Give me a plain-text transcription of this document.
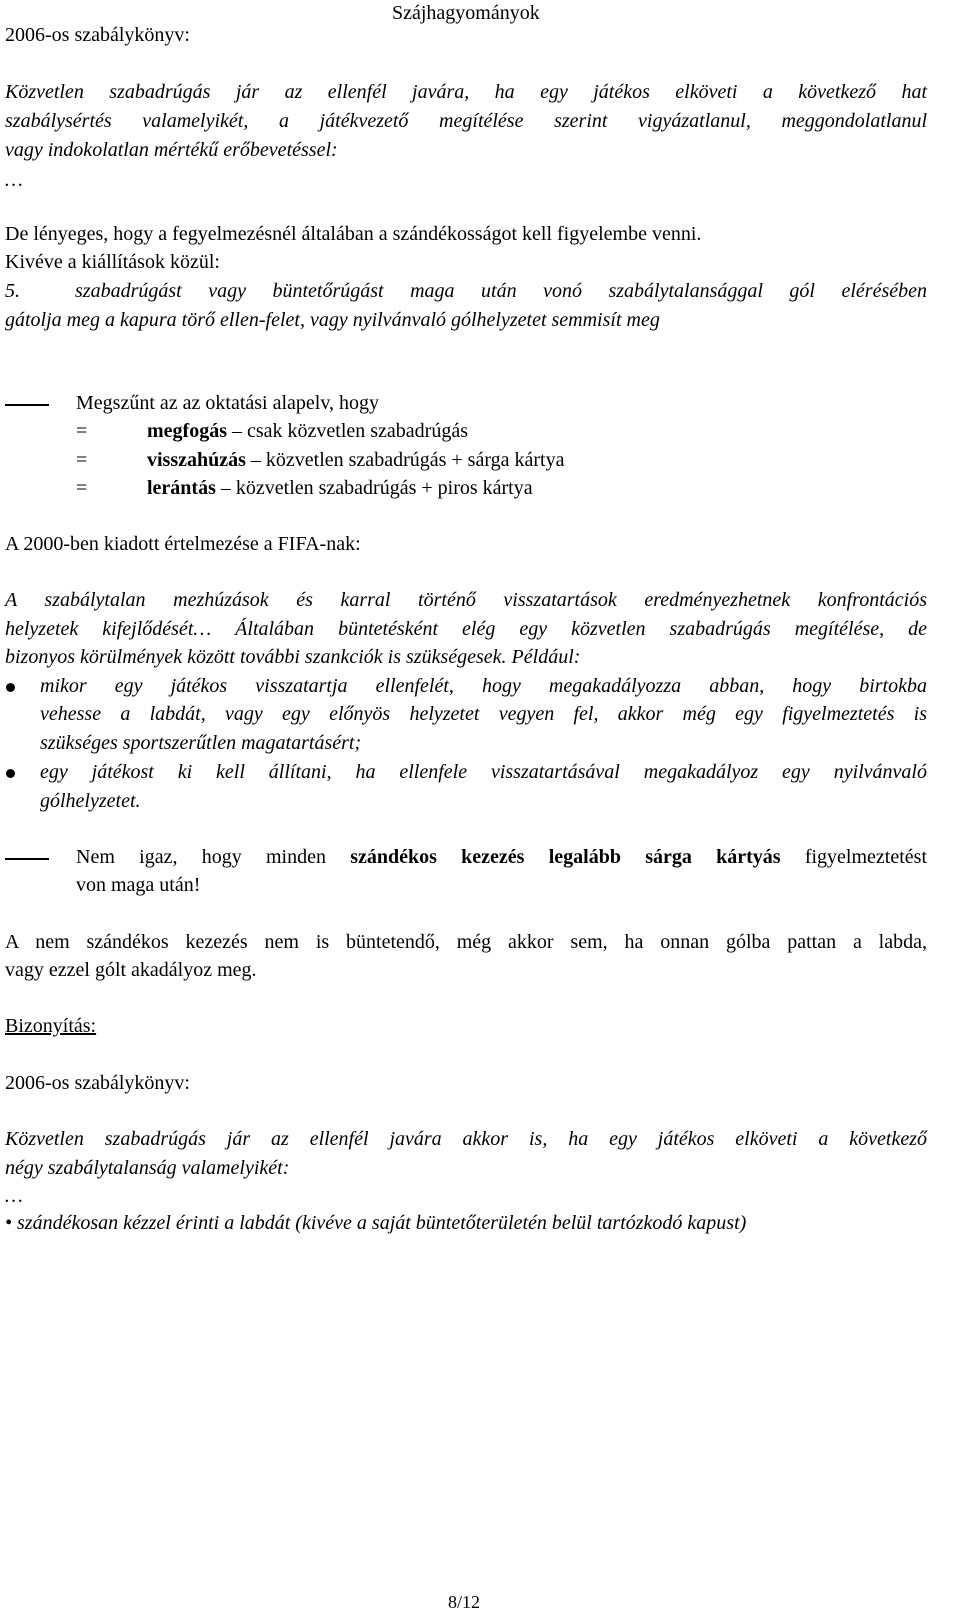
2006-os szabálykönyv:
Szájhagyományok
Közvetlen szabadrúgás jár az ellenfél javára, ha egy játékos elköveti a következő hat
szabálysértés valamelyikét, a játékvezető megítélése szerint vigyázatlanul, meggondolatlanul
vagy indokolatlan mértékű erőbevetéssel:
…
De lényeges, hogy a fegyelmezésnél általában a szándékosságot kell figyelembe venni.
Kivéve a kiállítások közül:
5.	szabadrúgást vagy büntetőrúgást maga után vonó szabálytalansággal gól elérésében
gátolja meg a kapura törő ellen-felet, vagy nyilvánvaló gólhelyzetet semmisít meg
Megszűnt az az oktatási alapelv, hogy
=	megfogás – csak közvetlen szabadrúgás
=	visszahúzás – közvetlen szabadrúgás + sárga kártya
=	lerántás – közvetlen szabadrúgás + piros kártya
A 2000-ben kiadott értelmezése a FIFA-nak:
A szabálytalan mezhúzások és karral történő visszatartások eredményezhetnek konfrontációs
helyzetek kifejlődését… Általában büntetésként elég egy közvetlen szabadrúgás megítélése, de
bizonyos körülmények között további szankciók is szükségesek. Például:
mikor egy játékos visszatartja ellenfelét, hogy megakadályozza abban, hogy birtokba
vehesse a labdát, vagy egy előnyös helyzetet vegyen fel, akkor még egy figyelmeztetés is
szükséges sportszerűtlen magatartásért;
egy játékost ki kell állítani, ha ellenfele visszatartásával megakadályoz egy nyilvánvaló
gólhelyzetet.
Nem igaz, hogy minden szándékos kezezés legalább sárga kártyás figyelmeztetést
von maga után!
A nem szándékos kezezés nem is büntetendő, még akkor sem, ha onnan gólba pattan a labda,
vagy ezzel gólt akadályoz meg.
Bizonyítás:
2006-os szabálykönyv:
Közvetlen szabadrúgás jár az ellenfél javára akkor is, ha egy játékos elköveti a következő
négy szabálytalanság valamelyikét:
…
• szándékosan kézzel érinti a labdát (kivéve a saját büntetőterületén belül tartózkodó kapust)
8/12
